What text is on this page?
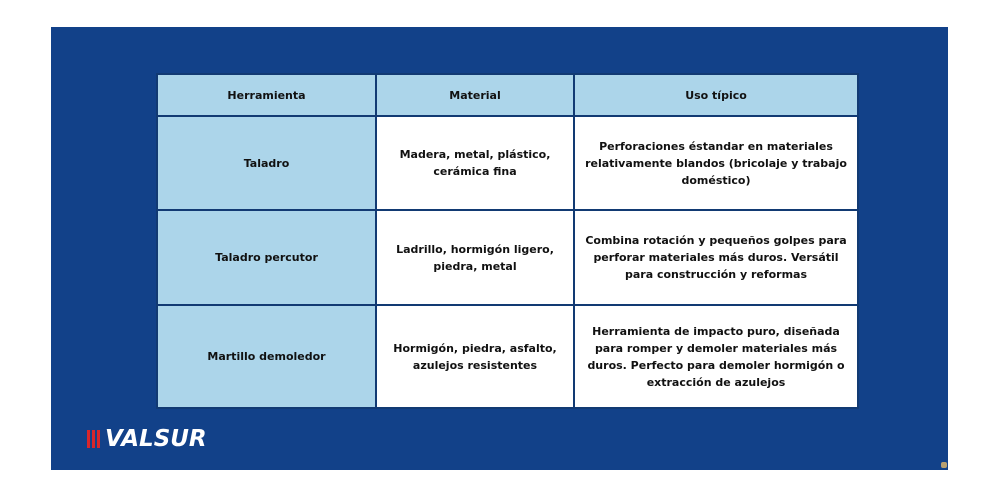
Herramienta	Material	Uso típico
Taladro	Madera, metal, plástico, cerámica fina	Perforaciones éstandar en materiales relativamente blandos (bricolaje y trabajo doméstico)
Taladro percutor	Ladrillo, hormigón ligero, piedra, metal	Combina rotación y pequeños golpes para perforar materiales más duros. Versátil para construcción y reformas
Martillo demoledor	Hormigón, piedra, asfalto, azulejos resistentes	Herramienta de impacto puro, diseñada para romper y demoler materiales más duros. Perfecto para demoler hormigón o extracción de azulejos
VALSUR
